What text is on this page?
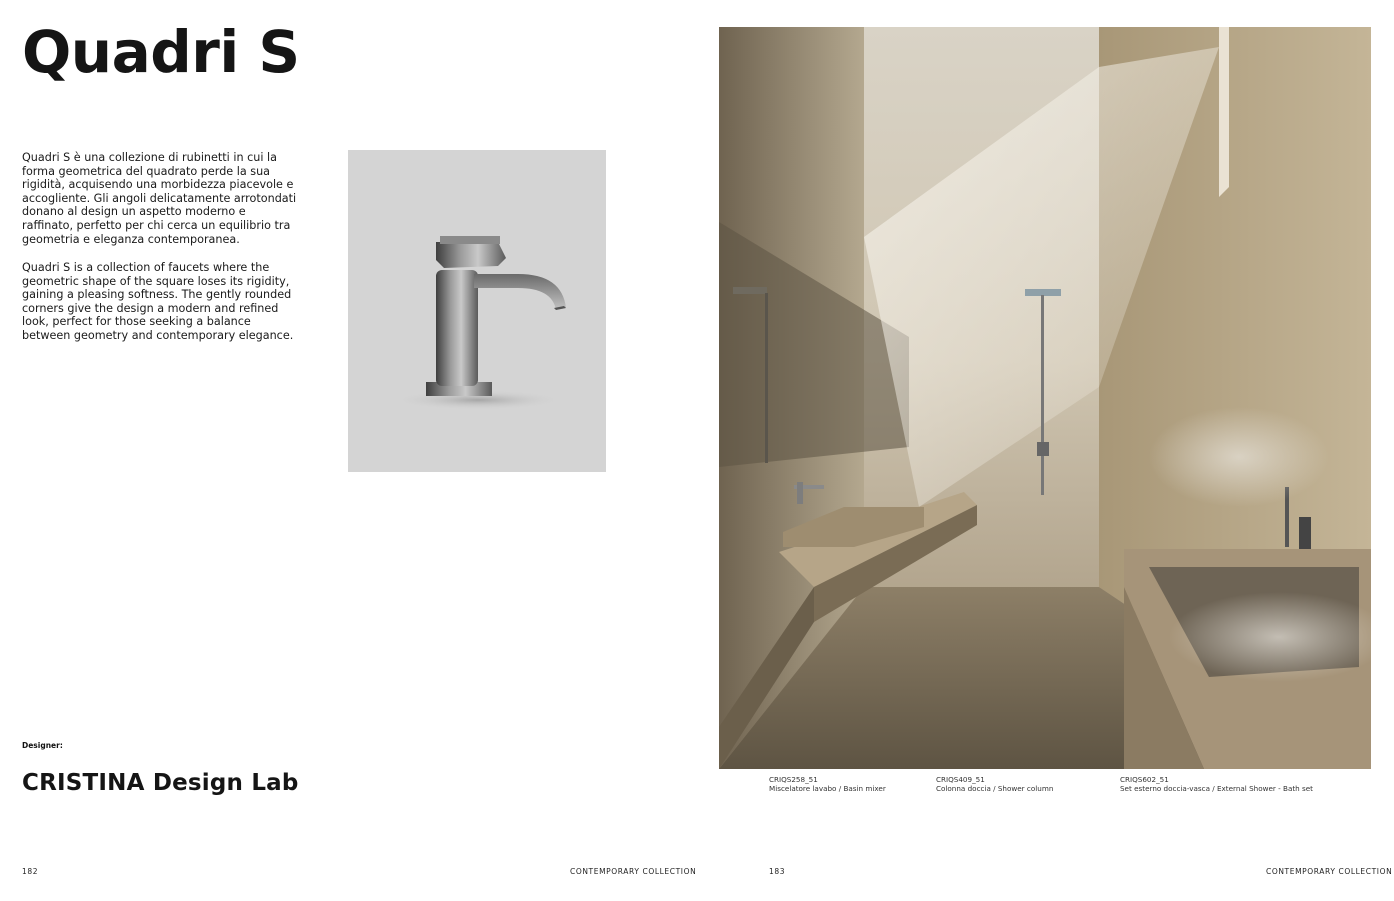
Quadri S

Quadri S è una collezione di rubinetti in cui la forma geometrica del quadrato perde la sua rigidità, acquisendo una morbidezza piacevole e accogliente. Gli angoli delicatamente arrotondati donano al design un aspetto moderno e raffinato, perfetto per chi cerca un equilibrio tra geometria e eleganza contemporanea.

Quadri S is a collection of faucets where the geometric shape of the square loses its rigidity, gaining a pleasing softness. The gently rounded corners give the design a modern and refined look, perfect for those seeking a balance between geometry and contemporary elegance.

Designer:
CRISTINA Design Lab
182	CONTEMPORARY COLLECTION
CRIQS258_51
Miscelatore lavabo / Basin mixer
CRIQS409_51
Colonna doccia / Shower column
CRIQS602_51
Set esterno doccia-vasca / External Shower - Bath set
183	CONTEMPORARY COLLECTION
